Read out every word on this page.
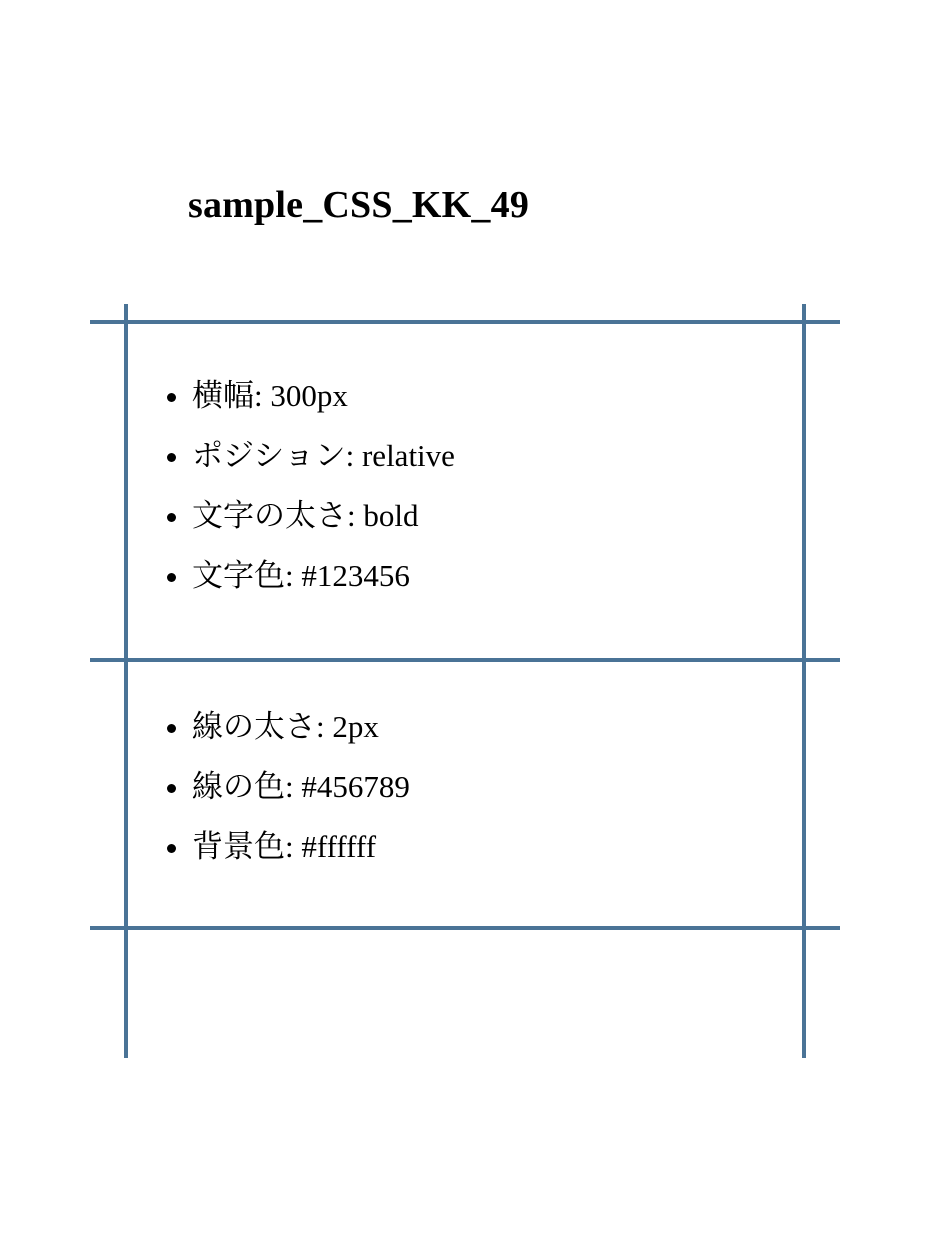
sample_CSS_KK_49
• 横幅: 300px
• ポジション: relative
• 文字の太さ: bold
• 文字色: #123456
• 線の太さ: 2px
• 線の色: #456789
• 背景色: #ffffff
